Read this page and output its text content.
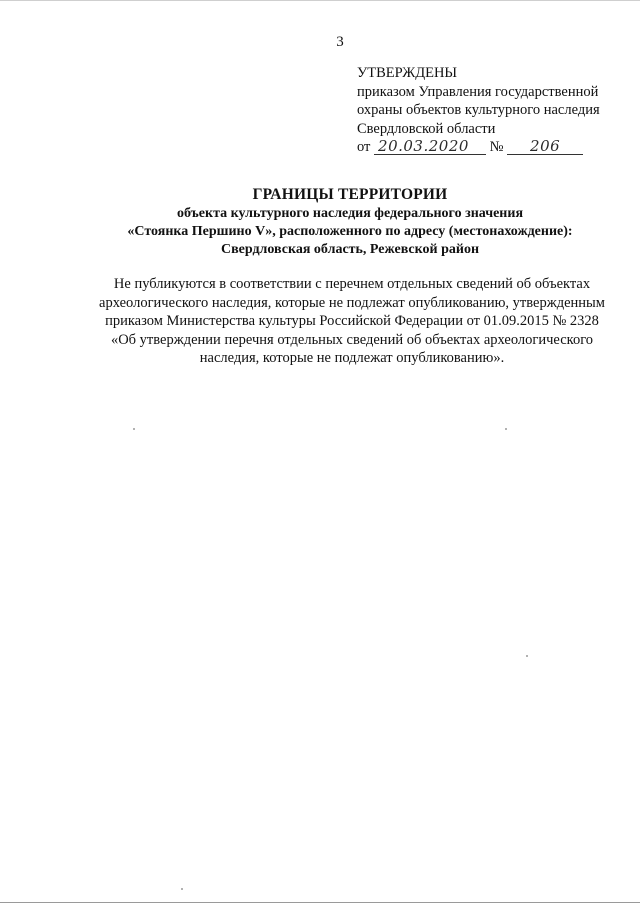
3
УТВЕРЖДЕНЫ
приказом Управления государственной
охраны объектов культурного наследия
Свердловской области
от 20.03.2020 № 206
ГРАНИЦЫ ТЕРРИТОРИИ
объекта культурного наследия федерального значения
«Стоянка Першино V», расположенного по адресу (местонахождение):
Свердловская область, Режевской район
Не публикуются в соответствии с перечнем отдельных сведений об объектах
археологического наследия, которые не подлежат опубликованию, утвержденным
приказом Министерства культуры Российской Федерации от 01.09.2015 № 2328
«Об утверждении перечня отдельных сведений об объектах археологического
наследия, которые не подлежат опубликованию».
